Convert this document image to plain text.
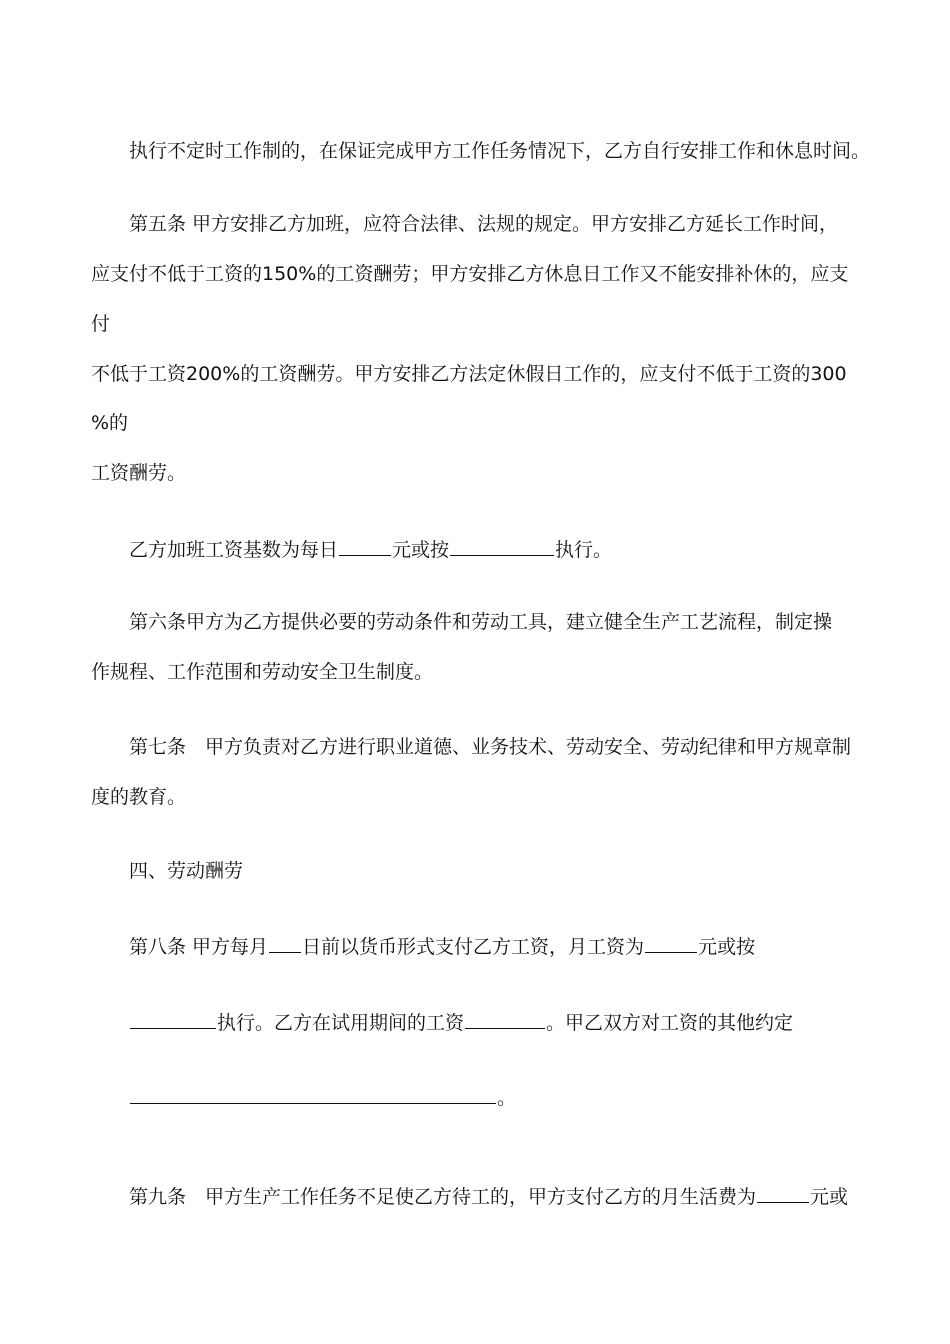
执行不定时工作制的，在保证完成甲方工作任务情况下，乙方自行安排工作和休息时间。
第五条 甲方安排乙方加班，应符合法律、法规的规定。甲方安排乙方延长工作时间，
应支付不低于工资的150%的工资酬劳；甲方安排乙方休息日工作又不能安排补休的，应支
付
不低于工资200%的工资酬劳。甲方安排乙方法定休假日工作的，应支付不低于工资的300
%的
工资酬劳。
乙方加班工资基数为每日	元或按	执行。
第六条甲方为乙方提供必要的劳动条件和劳动工具，建立健全生产工艺流程，制定操
作规程、工作范围和劳动安全卫生制度。
第七条　甲方负责对乙方进行职业道德、业务技术、劳动安全、劳动纪律和甲方规章制
度的教育。
四、劳动酬劳
第八条 甲方每月 日前以货币形式支付乙方工资，月工资为	元或按
执行。乙方在试用期间的工资	。甲乙双方对工资的其他约定
。
第九条　甲方生产工作任务不足使乙方待工的，甲方支付乙方的月生活费为	元或
